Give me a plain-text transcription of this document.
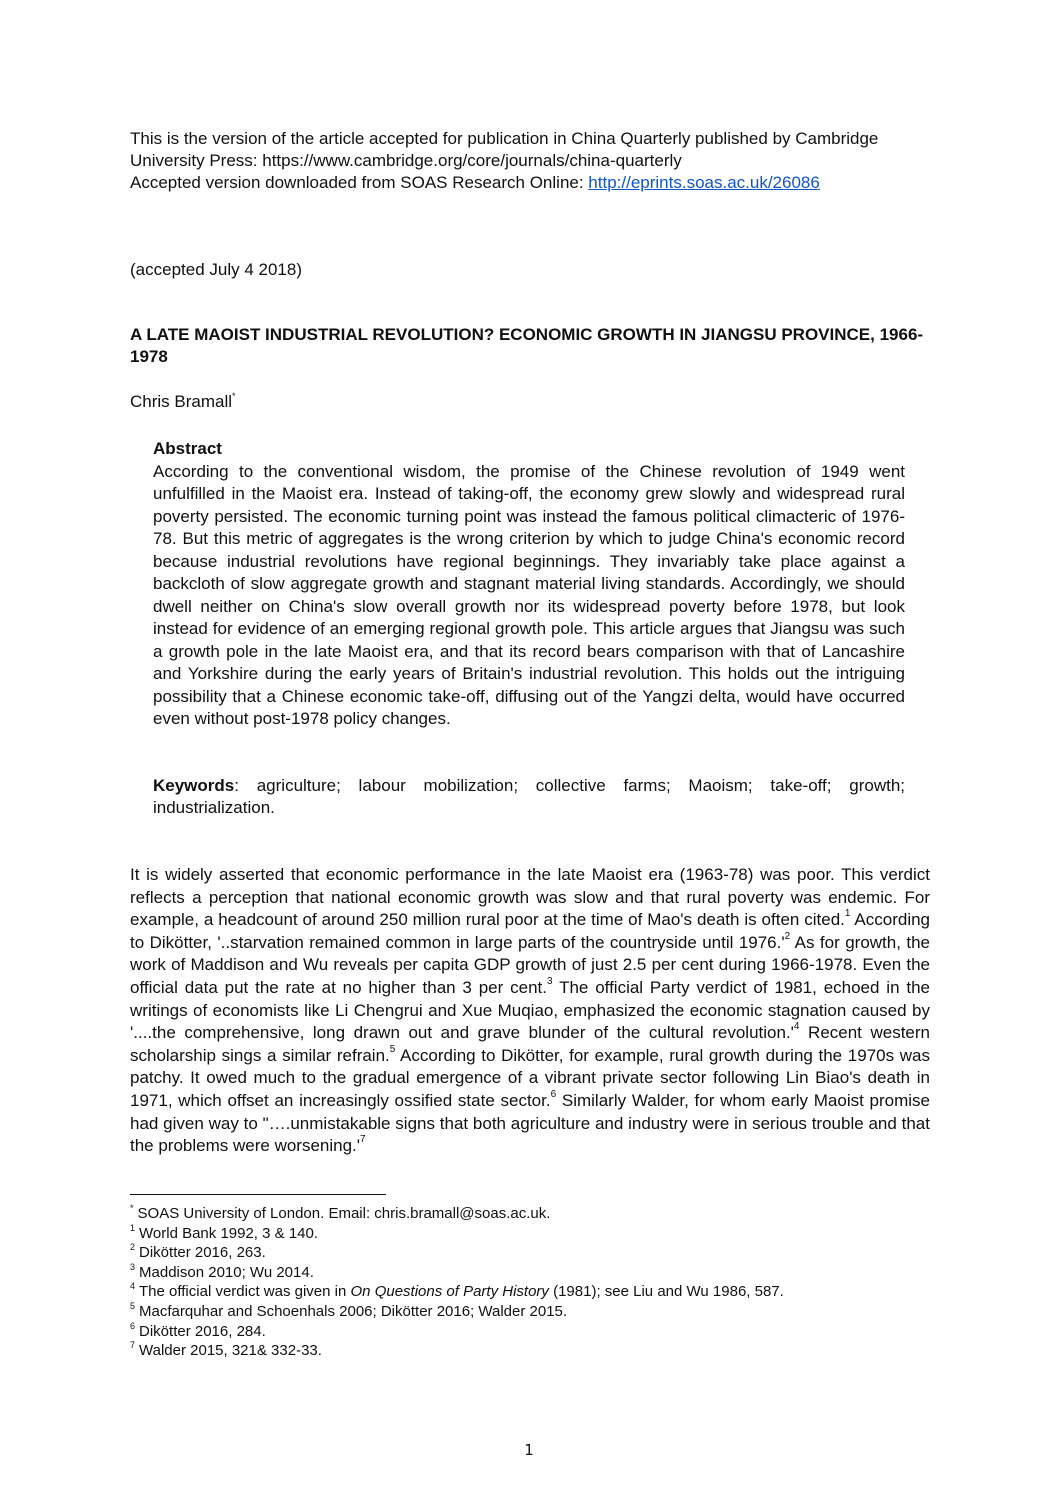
This is the version of the article accepted for publication in China Quarterly published by Cambridge University Press: https://www.cambridge.org/core/journals/china-quarterly
Accepted version downloaded from SOAS Research Online: http://eprints.soas.ac.uk/26086

(accepted July 4 2018)

A LATE MAOIST INDUSTRIAL REVOLUTION? ECONOMIC GROWTH IN JIANGSU PROVINCE, 1966-1978

Chris Bramall*

Abstract

According to the conventional wisdom, the promise of the Chinese revolution of 1949 went unfulfilled in the Maoist era. Instead of taking-off, the economy grew slowly and widespread rural poverty persisted. The economic turning point was instead the famous political climacteric of 1976-78. But this metric of aggregates is the wrong criterion by which to judge China's economic record because industrial revolutions have regional beginnings. They invariably take place against a backcloth of slow aggregate growth and stagnant material living standards. Accordingly, we should dwell neither on China's slow overall growth nor its widespread poverty before 1978, but look instead for evidence of an emerging regional growth pole. This article argues that Jiangsu was such a growth pole in the late Maoist era, and that its record bears comparison with that of Lancashire and Yorkshire during the early years of Britain's industrial revolution. This holds out the intriguing possibility that a Chinese economic take-off, diffusing out of the Yangzi delta, would have occurred even without post-1978 policy changes.

Keywords: agriculture; labour mobilization; collective farms; Maoism; take-off; growth; industrialization.

It is widely asserted that economic performance in the late Maoist era (1963-78) was poor. This verdict reflects a perception that national economic growth was slow and that rural poverty was endemic. For example, a headcount of around 250 million rural poor at the time of Mao's death is often cited.$^1$ According to Dikötter, '..starvation remained common in large parts of the countryside until $1976.'^2$ As for growth, the work of Maddison and Wu reveals per capita GDP growth of just 2.5 per cent during 1966-1978. Even the official data put the rate at no higher than 3 per cent.$^3$ The official Party verdict of 1981, echoed in the writings of economists like Li Chengrui and Xue Muqiao, emphasized the economic stagnation caused by '....the comprehensive, long drawn out and grave blunder of the cultural $revolution.'^4$ Recent western scholarship sings a similar refrain.$^5$ According to Dikötter, for example, rural growth during the 1970s was patchy. It owed much to the gradual emergence of a vibrant private sector following Lin Biao's death in 1971, which offset an increasingly ossified state sector.$^6$ Similarly Walder, for whom early Maoist promise had given way to "….unmistakable signs that both agriculture and industry were in serious trouble and that the problems were $worsening.'^7$

* SOAS University of London. Email: chris.bramall@soas.ac.uk.
$^1$ World Bank 1992, 3 & 140.
$^2$ Dikötter 2016, 263.
$^3$ Maddison 2010; Wu 2014.
$^4$ The official verdict was given in On Questions of Party History (1981); see Liu and Wu 1986, 587.
$^5$ Macfarquhar and Schoenhals 2006; Dikötter 2016; Walder 2015.
$^6$ Dikötter 2016, 284.
$^7$ Walder 2015, 321& 332-33.
1
